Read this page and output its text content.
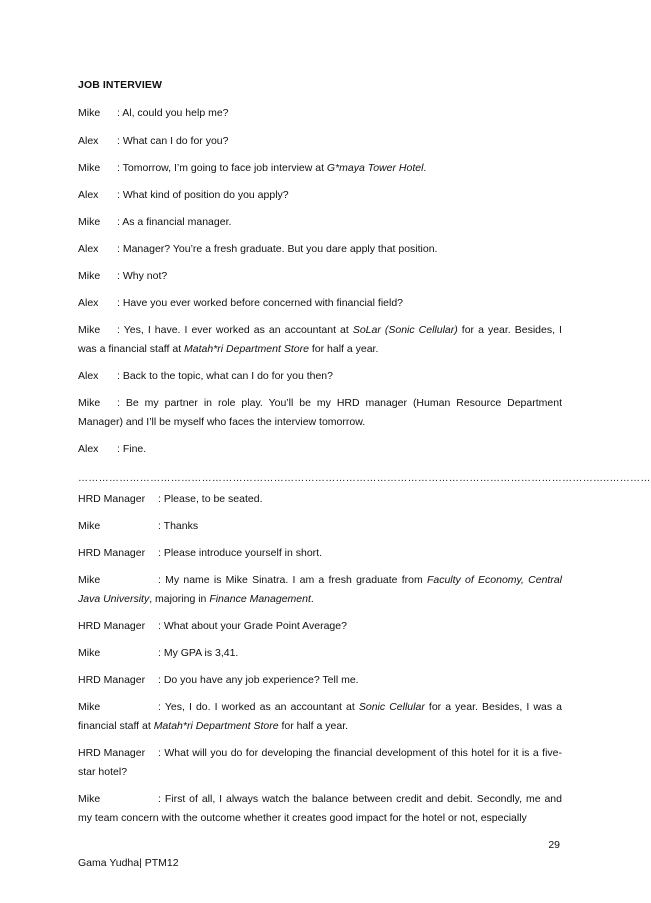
JOB INTERVIEW
Mike : Al, could you help me?
Alex : What can I do for you?
Mike : Tomorrow, I’m going to face job interview at G*maya Tower Hotel.
Alex : What kind of position do you apply?
Mike : As a financial manager.
Alex : Manager? You’re a fresh graduate. But you dare apply that position.
Mike : Why not?
Alex : Have you ever worked before concerned with financial field?
Mike : Yes, I have. I ever worked as an accountant at SoLar (Sonic Cellular) for a year. Besides, I was a financial staff at Matah*ri Department Store for half a year.
Alex : Back to the topic, what can I do for you then?
Mike : Be my partner in role play. You’ll be my HRD manager (Human Resource Department Manager) and I’ll be myself who faces the interview tomorrow.
Alex : Fine.
………………………………………………………………………………………………………………………………………..…………
HRD Manager : Please, to be seated.
Mike	: Thanks
HRD Manager : Please introduce yourself in short.
Mike	: My name is Mike Sinatra. I am a fresh graduate from Faculty of Economy, Central Java University, majoring in Finance Management.
HRD Manager : What about your Grade Point Average?
Mike	: My GPA is 3,41.
HRD Manager : Do you have any job experience? Tell me.
Mike	: Yes, I do. I worked as an accountant at Sonic Cellular for a year. Besides, I was a financial staff at Matah*ri Department Store for half a year.
HRD Manager : What will you do for developing the financial development of this hotel for it is a five-star hotel?
Mike	: First of all, I always watch the balance between credit and debit. Secondly, me and my team concern with the outcome whether it creates good impact for the hotel or not, especially
29
Gama Yudha| PTM12
